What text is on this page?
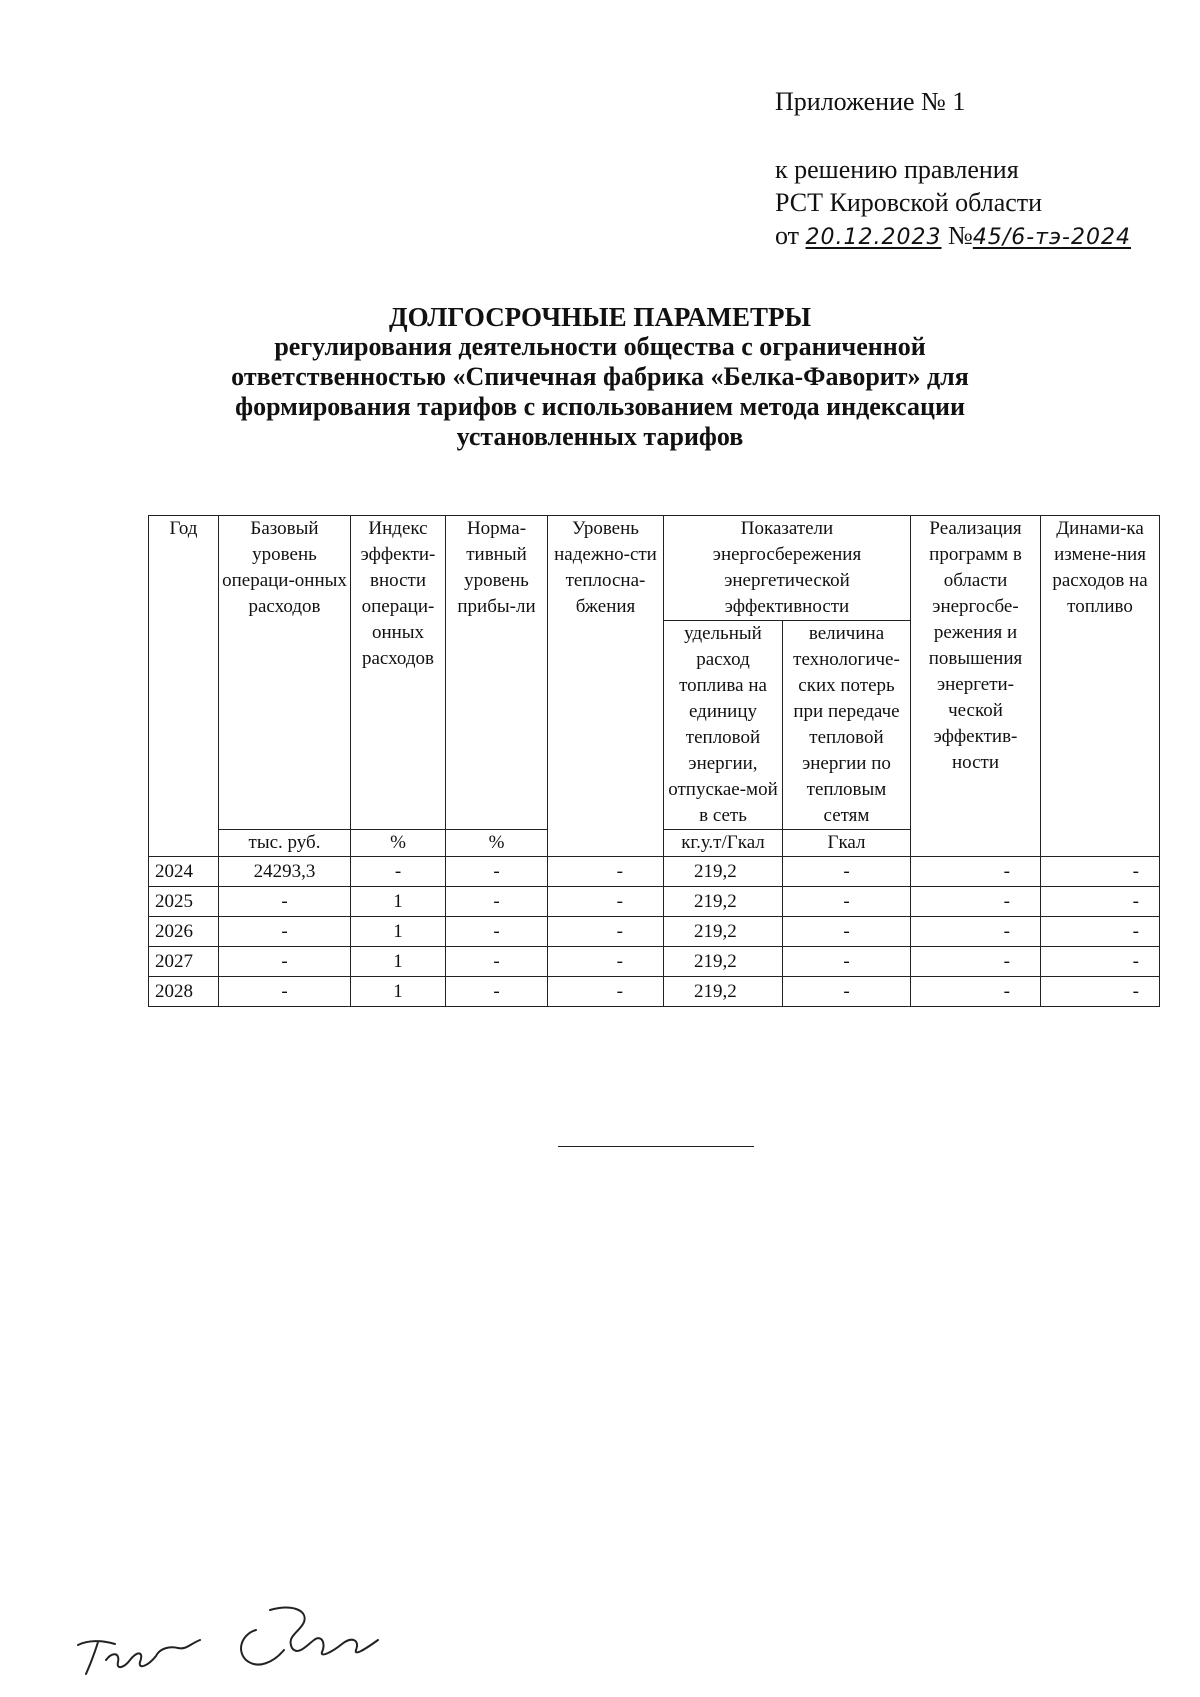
Приложение № 1
к решению правления
РСТ Кировской области
от 20.12.2023 №45/6-тэ-2024
ДОЛГОСРОЧНЫЕ ПАРАМЕТРЫ
регулирования деятельности общества с ограниченной
ответственностью «Спичечная фабрика «Белка-Фаворит» для
формирования тарифов с использованием метода индексации
установленных тарифов
Год	Базовый уровень операци-онных расходов	Индекс эффекти-вности операци-онных расходов	Норма-тивный уровень прибы-ли	Уровень надежно-сти теплосна-бжения	Показатели энергосбережения энергетической эффективности		Реализация программ в области энергосбе-режения и повышения энергети-ческой эффектив-ности	Динами-ка измене-ния расходов на топливо
					удельный расход топлива на единицу тепловой энергии, отпускае-мой в сеть	величина технологиче-ских потерь при передаче тепловой энергии по тепловым сетям		
	тыс. руб.	%	%		кг.у.т/Гкал	Гкал		
2024	24293,3	-	-	-	219,2	-	-	-
2025	-	1	-	-	219,2	-	-	-
2026	-	1	-	-	219,2	-	-	-
2027	-	1	-	-	219,2	-	-	-
2028	-	1	-	-	219,2	-	-	-
